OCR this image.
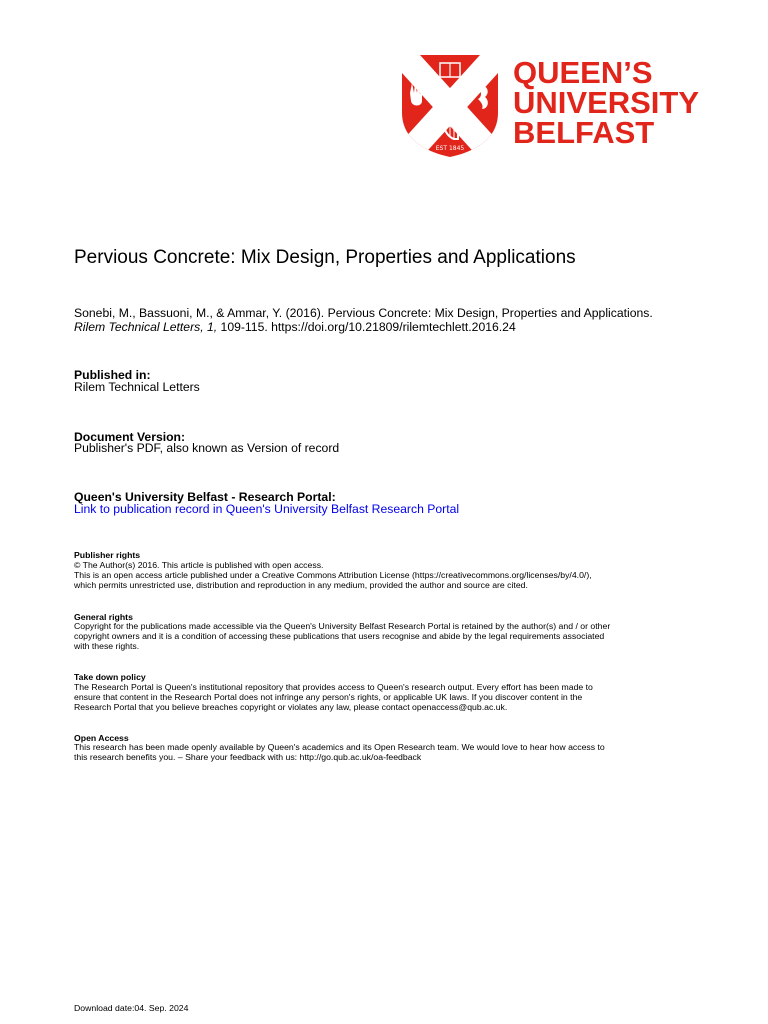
EST 1845
QUEEN’S
UNIVERSITY
BELFAST
Pervious Concrete: Mix Design, Properties and Applications
Sonebi, M., Bassuoni, M., & Ammar, Y. (2016). Pervious Concrete: Mix Design, Properties and Applications.
Rilem Technical Letters, 1, 109-115. https://doi.org/10.21809/rilemtechlett.2016.24
Published in:
Rilem Technical Letters
Document Version:
Publisher's PDF, also known as Version of record
Queen's University Belfast - Research Portal:
Link to publication record in Queen's University Belfast Research Portal
Publisher rights
© The Author(s) 2016. This article is published with open access.
This is an open access article published under a Creative Commons Attribution License (https://creativecommons.org/licenses/by/4.0/),
which permits unrestricted use, distribution and reproduction in any medium, provided the author and source are cited.
General rights
Copyright for the publications made accessible via the Queen's University Belfast Research Portal is retained by the author(s) and / or other
copyright owners and it is a condition of accessing these publications that users recognise and abide by the legal requirements associated
with these rights.
Take down policy
The Research Portal is Queen's institutional repository that provides access to Queen's research output. Every effort has been made to
ensure that content in the Research Portal does not infringe any person's rights, or applicable UK laws. If you discover content in the
Research Portal that you believe breaches copyright or violates any law, please contact openaccess@qub.ac.uk.
Open Access
This research has been made openly available by Queen's academics and its Open Research team. We would love to hear how access to
this research benefits you. – Share your feedback with us: http://go.qub.ac.uk/oa-feedback
Download date:04. Sep. 2024
